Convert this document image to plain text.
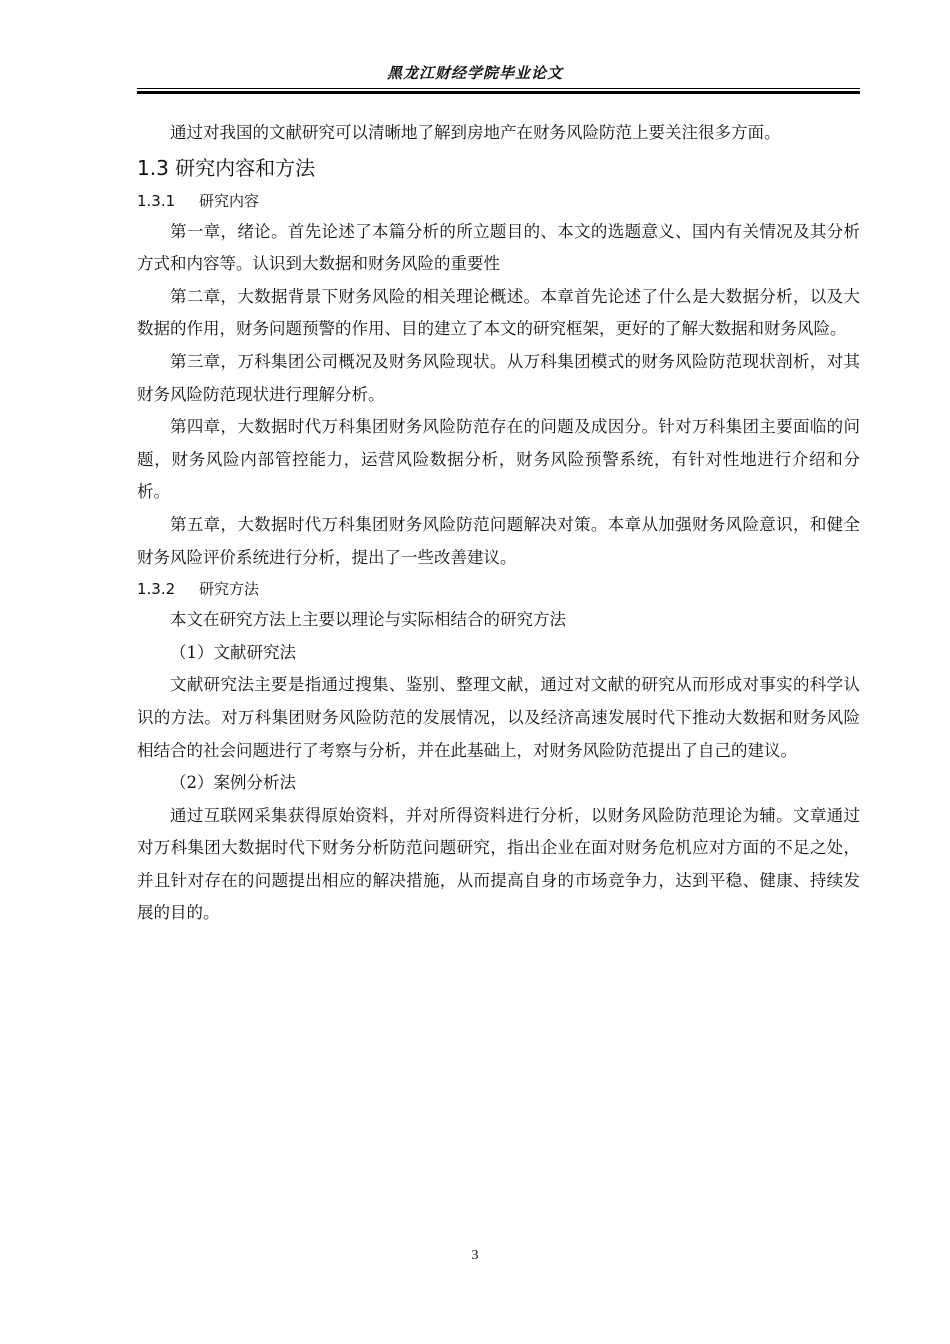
黑龙江财经学院毕业论文

通过对我国的文献研究可以清晰地了解到房地产在财务风险防范上要关注很多方面。

1.3 研究内容和方法
1.3.1 研究内容

第一章，绪论。首先论述了本篇分析的所立题目的、本文的选题意义、国内有关情况及其分析方式和内容等。认识到大数据和财务风险的重要性

第二章，大数据背景下财务风险的相关理论概述。本章首先论述了什么是大数据分析，以及大数据的作用，财务问题预警的作用、目的建立了本文的研究框架，更好的了解大数据和财务风险。

第三章，万科集团公司概况及财务风险现状。从万科集团模式的财务风险防范现状剖析，对其财务风险防范现状进行理解分析。

第四章，大数据时代万科集团财务风险防范存在的问题及成因分。针对万科集团主要面临的问题，财务风险内部管控能力，运营风险数据分析，财务风险预警系统，有针对性地进行介绍和分析。

第五章，大数据时代万科集团财务风险防范问题解决对策。本章从加强财务风险意识，和健全财务风险评价系统进行分析，提出了一些改善建议。

1.3.2 研究方法

本文在研究方法上主要以理论与实际相结合的研究方法

（1）文献研究法

文献研究法主要是指通过搜集、鉴别、整理文献，通过对文献的研究从而形成对事实的科学认识的方法。对万科集团财务风险防范的发展情况，以及经济高速发展时代下推动大数据和财务风险相结合的社会问题进行了考察与分析，并在此基础上，对财务风险防范提出了自己的建议。

（2）案例分析法

通过互联网采集获得原始资料，并对所得资料进行分析，以财务风险防范理论为辅。文章通过对万科集团大数据时代下财务分析防范问题研究，指出企业在面对财务危机应对方面的不足之处，并且针对存在的问题提出相应的解决措施，从而提高自身的市场竞争力，达到平稳、健康、持续发展的目的。

3
